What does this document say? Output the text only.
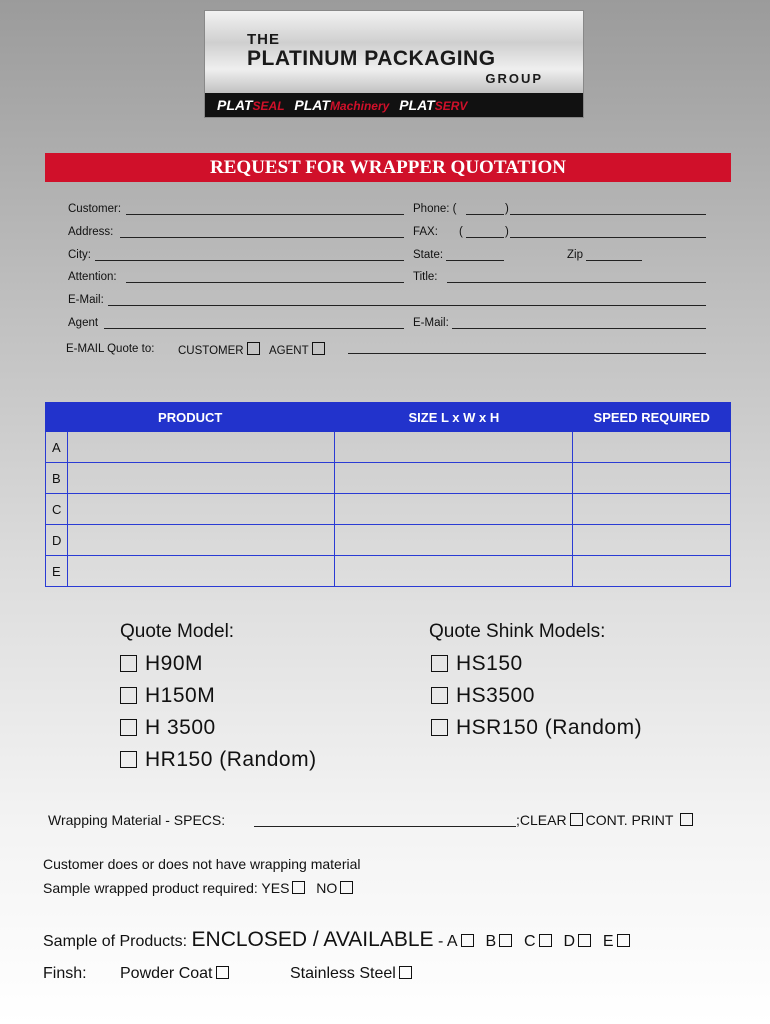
THE
PLATINUM PACKAGING
GROUP
PLATSEAL PLATMachinery PLATSERV
REQUEST FOR WRAPPER QUOTATION
Customer:	Phone: (	)
Address:	FAX: (	)
City:	State:	Zip
Attention:	Title:
E-Mail:
Agent	E-Mail:
E-MAIL Quote to: CUSTOMER AGENT
PRODUCT		SIZE L x W x H	SPEED REQUIRED
A			
B			
C			
D			
E			
Quote Model:
H90M
H150M
H 3500
HR150 (Random)
Quote Shink Models:
HS150
HS3500
HSR150 (Random)
Wrapping Material - SPECS:	;CLEAR CONT. PRINT
Customer does or does not have wrapping material
Sample wrapped product required: YES NO
Sample of Products: ENCLOSED / AVAILABLE - A B C D E
Finsh: Powder Coat	Stainless Steel
